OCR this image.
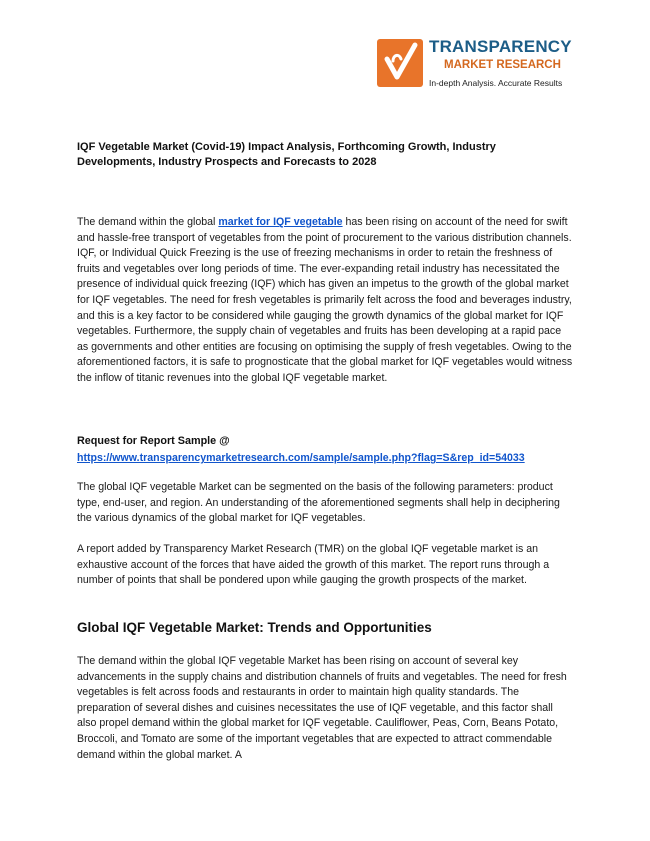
TRANSPARENCY
MARKET RESEARCH
In-depth Analysis. Accurate Results
IQF Vegetable Market (Covid-19) Impact Analysis, Forthcoming Growth, Industry Developments, Industry Prospects and Forecasts to 2028

The demand within the global market for IQF vegetable has been rising on account of the need for swift and hassle-free transport of vegetables from the point of procurement to the various distribution channels. IQF, or Individual Quick Freezing is the use of freezing mechanisms in order to retain the freshness of fruits and vegetables over long periods of time. The ever-expanding retail industry has necessitated the presence of individual quick freezing (IQF) which has given an impetus to the growth of the global market for IQF vegetables. The need for fresh vegetables is primarily felt across the food and beverages industry, and this is a key factor to be considered while gauging the growth dynamics of the global market for IQF vegetables. Furthermore, the supply chain of vegetables and fruits has been developing at a rapid pace as governments and other entities are focusing on optimising the supply of fresh vegetables. Owing to the aforementioned factors, it is safe to prognosticate that the global market for IQF vegetables would witness the inflow of titanic revenues into the global IQF vegetable market.

Request for Report Sample @
https://www.transparencymarketresearch.com/sample/sample.php?flag=S&rep_id=54033

The global IQF vegetable Market can be segmented on the basis of the following parameters: product type, end-user, and region. An understanding of the aforementioned segments shall help in deciphering the various dynamics of the global market for IQF vegetables.

A report added by Transparency Market Research (TMR) on the global IQF vegetable market is an exhaustive account of the forces that have aided the growth of this market. The report runs through a number of points that shall be pondered upon while gauging the growth prospects of the market.

Global IQF Vegetable Market: Trends and Opportunities

The demand within the global IQF vegetable Market has been rising on account of several key advancements in the supply chains and distribution channels of fruits and vegetables. The need for fresh vegetables is felt across foods and restaurants in order to maintain high quality standards. The preparation of several dishes and cuisines necessitates the use of IQF vegetable, and this factor shall also propel demand within the global market for IQF vegetable. Cauliflower, Peas, Corn, Beans Potato, Broccoli, and Tomato are some of the important vegetables that are expected to attract commendable demand within the global market. A
